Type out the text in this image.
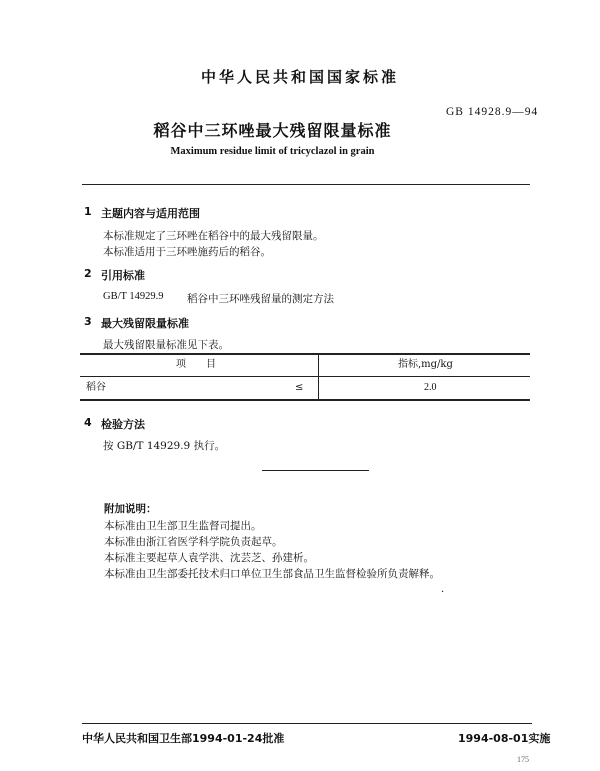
中华人民共和国国家标准
GB 14928.9—94
稻谷中三环唑最大残留限量标准
Maximum residue limit of tricyclazol in grain
1 主题内容与适用范围
本标准规定了三环唑在稻谷中的最大残留限量。
本标准适用于三环唑施药后的稻谷。
2 引用标准
GB/T 14929.9 稻谷中三环唑残留量的测定方法
3 最大残留限量标准
最大残留限量标准见下表。
项　　目	指标,mg/kg
稻谷	≤	2.0
4 检验方法
按 GB/T 14929.9 执行。
附加说明：
本标准由卫生部卫生监督司提出。
本标准由浙江省医学科学院负责起草。
本标准主要起草人袁学洪、沈芸芝、孙建析。
本标准由卫生部委托技术归口单位卫生部食品卫生监督检验所负责解释。
·
中华人民共和国卫生部1994-01-24批准	1994-08-01实施
175
